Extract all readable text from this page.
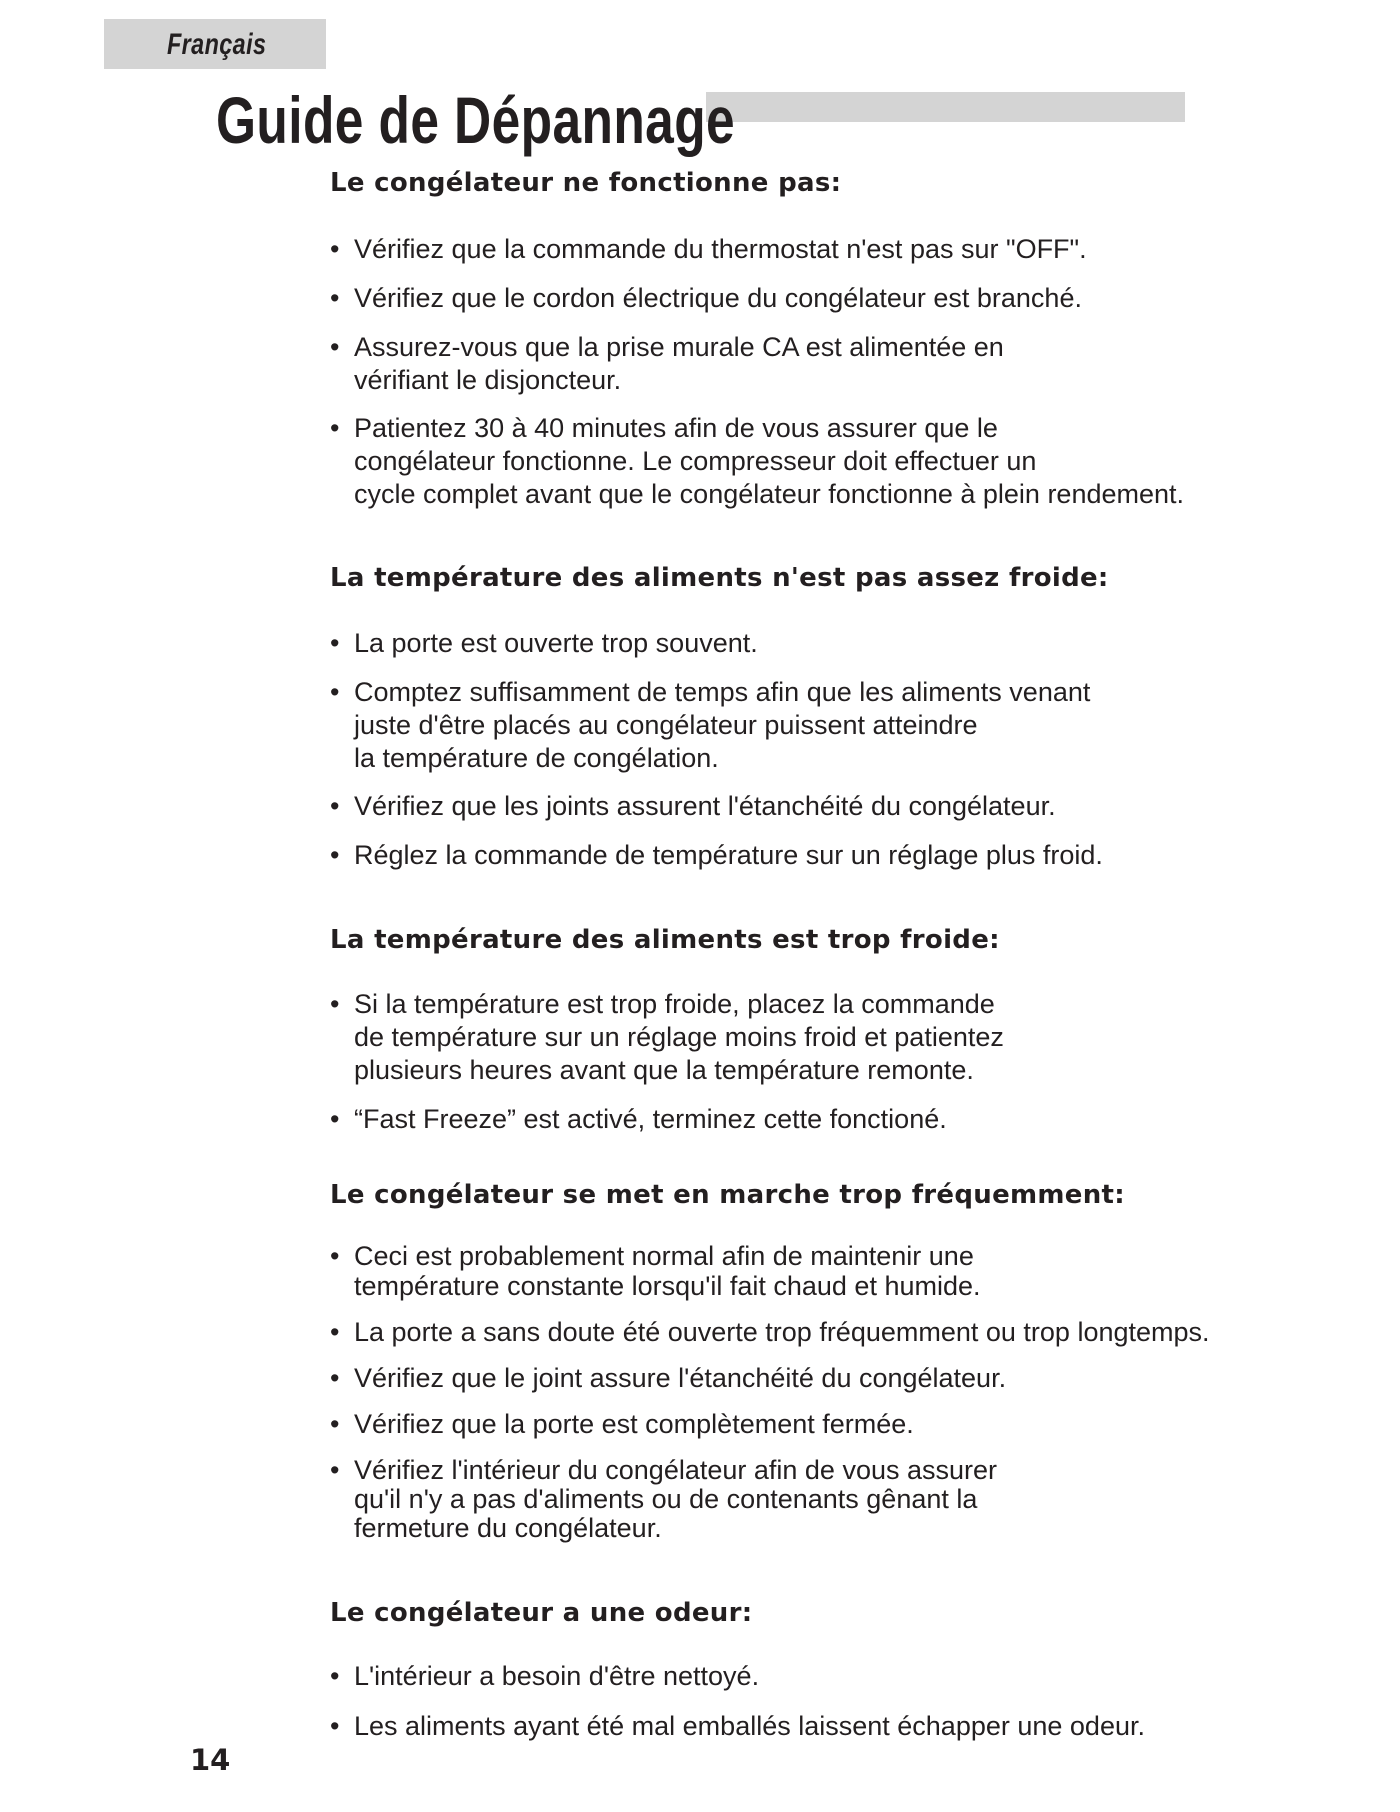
Français
Guide de Dépannage
Le congélateur ne fonctionne pas:
• Vérifiez que la commande du thermostat n'est pas sur "OFF".
• Vérifiez que le cordon électrique du congélateur est branché.
• Assurez-vous que la prise murale CA est alimentée en
vérifiant le disjoncteur.
• Patientez 30 à 40 minutes afin de vous assurer que le
congélateur fonctionne. Le compresseur doit effectuer un
cycle complet avant que le congélateur fonctionne à plein rendement.
La température des aliments n'est pas assez froide:
• La porte est ouverte trop souvent.
• Comptez suffisamment de temps afin que les aliments venant
juste d'être placés au congélateur puissent atteindre
la température de congélation.
• Vérifiez que les joints assurent l'étanchéité du congélateur.
• Réglez la commande de température sur un réglage plus froid.
La température des aliments est trop froide:
• Si la température est trop froide, placez la commande
de température sur un réglage moins froid et patientez
plusieurs heures avant que la température remonte.
• “Fast Freeze” est activé, terminez cette fonctioné.
Le congélateur se met en marche trop fréquemment:
• Ceci est probablement normal afin de maintenir une
température constante lorsqu'il fait chaud et humide.
• La porte a sans doute été ouverte trop fréquemment ou trop longtemps.
• Vérifiez que le joint assure l'étanchéité du congélateur.
• Vérifiez que la porte est complètement fermée.
• Vérifiez l'intérieur du congélateur afin de vous assurer
qu'il n'y a pas d'aliments ou de contenants gênant la
fermeture du congélateur.
Le congélateur a une odeur:
• L'intérieur a besoin d'être nettoyé.
• Les aliments ayant été mal emballés laissent échapper une odeur.
14
